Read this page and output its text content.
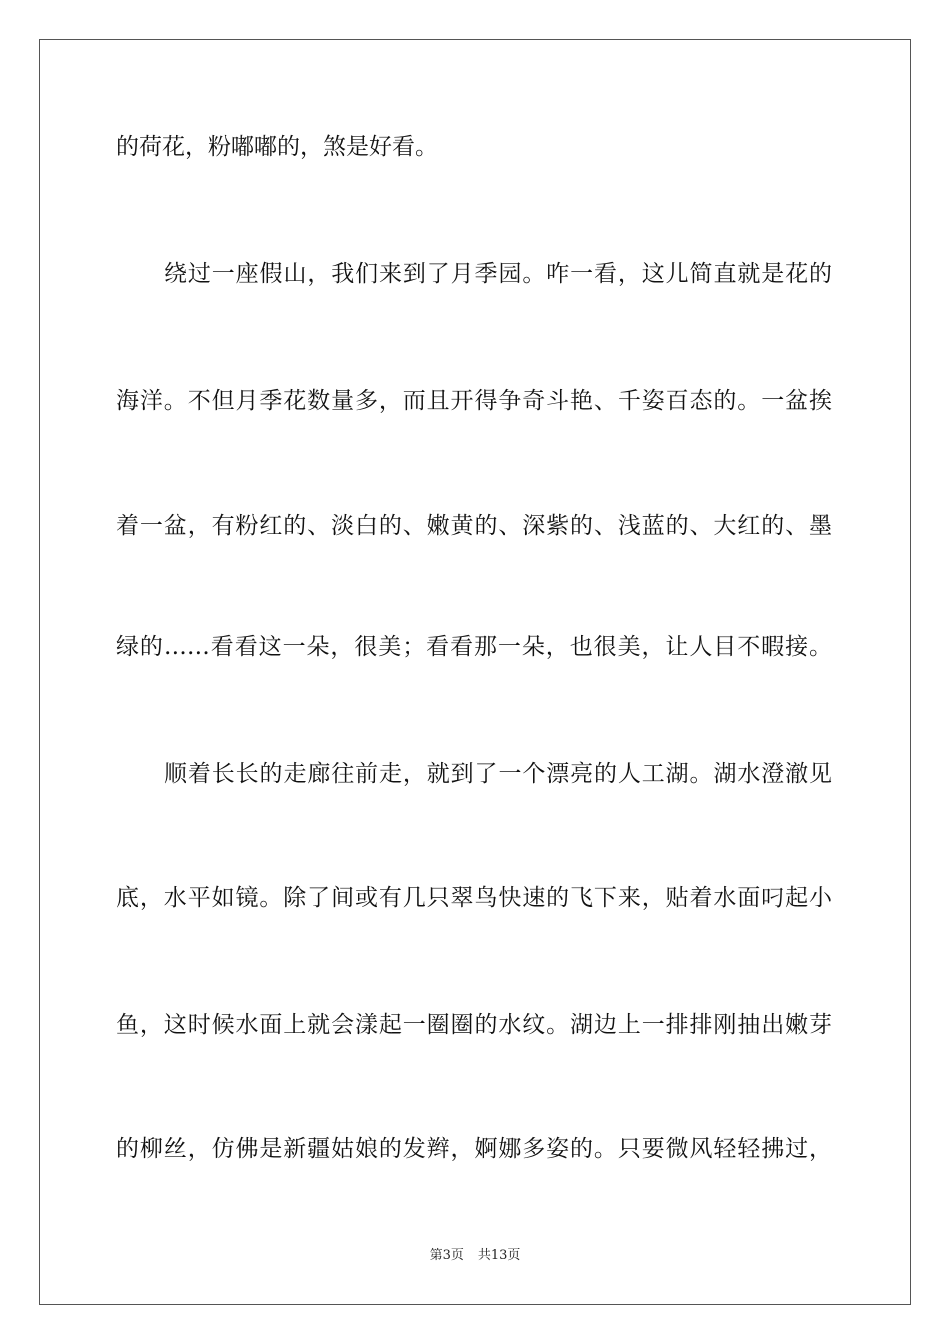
的荷花，粉嘟嘟的，煞是好看。
绕过一座假山，我们来到了月季园。咋一看，这儿简直就是花的
海洋。不但月季花数量多，而且开得争奇斗艳、千姿百态的。一盆挨
着一盆，有粉红的、淡白的、嫩黄的、深紫的、浅蓝的、大红的、墨
绿的……看看这一朵，很美；看看那一朵，也很美，让人目不暇接。
顺着长长的走廊往前走，就到了一个漂亮的人工湖。湖水澄澈见
底，水平如镜。除了间或有几只翠鸟快速的飞下来，贴着水面叼起小
鱼，这时候水面上就会漾起一圈圈的水纹。湖边上一排排刚抽出嫩芽
的柳丝，仿佛是新疆姑娘的发辫，婀娜多姿的。只要微风轻轻拂过，
第3页 共13页
